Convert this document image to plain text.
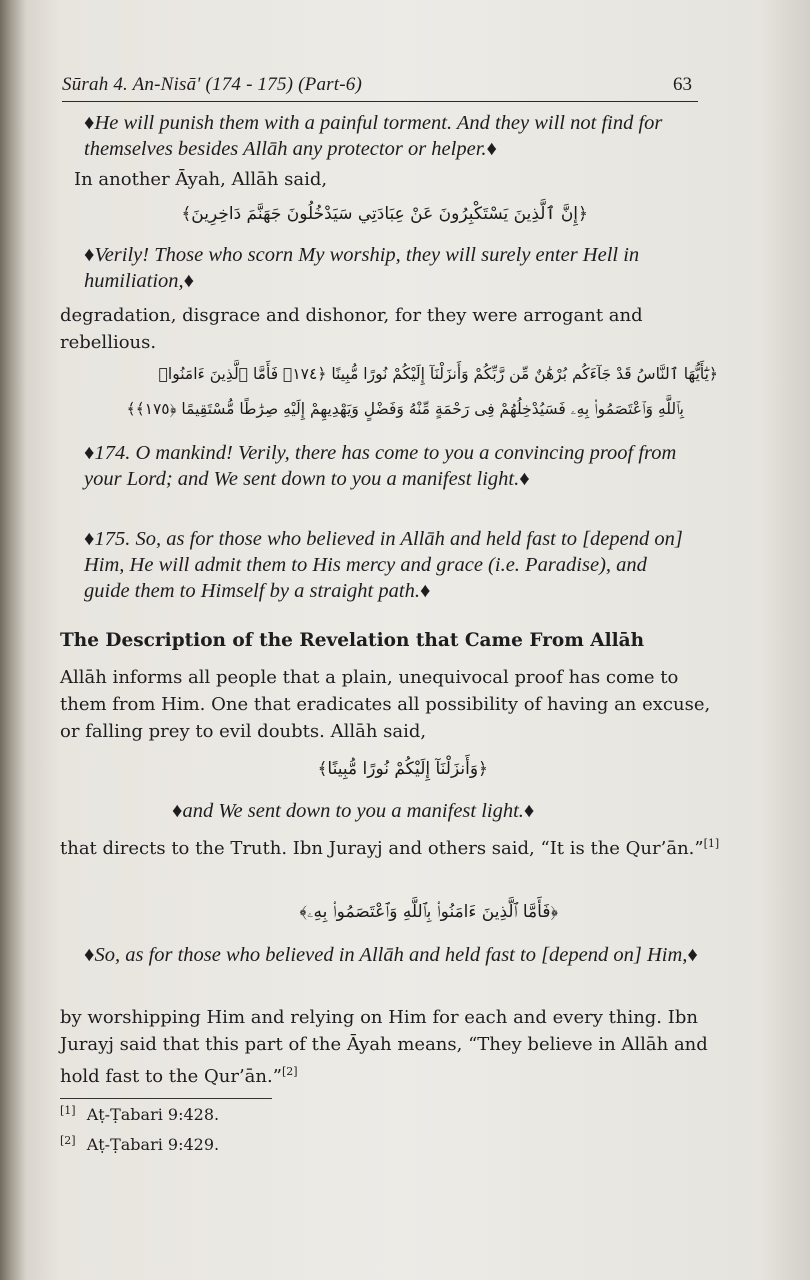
Sūrah 4. An-Nisā' (174 - 175) (Part-6)	63
♦He will punish them with a painful torment. And they will not find for themselves besides Allāh any protector or helper.♦
In another Āyah, Allāh said,
﴿إِنَّ ٱلَّذِينَ يَسْتَكْبِرُونَ عَنْ عِبَادَتِي سَيَدْخُلُونَ جَهَنَّمَ دَاخِرِينَ﴾
♦Verily! Those who scorn My worship, they will surely enter Hell in humiliation,♦
degradation, disgrace and dishonor, for they were arrogant and rebellious.
﴿يَٰٓأَيُّهَا ٱلنَّاسُ قَدْ جَآءَكُم بُرْهَٰنٌ مِّن رَّبِّكُمْ وَأَنزَلْنَآ إِلَيْكُمْ نُورًا مُّبِينًا ﴿١٧٤﴾ فَأَمَّا ٱلَّذِينَ ءَامَنُوا۟
بِٱللَّهِ وَٱعْتَصَمُوا۟ بِهِۦ فَسَيُدْخِلُهُمْ فِى رَحْمَةٍ مِّنْهُ وَفَضْلٍ وَيَهْدِيهِمْ إِلَيْهِ صِرَٰطًا مُّسْتَقِيمًا ﴿١٧٥﴾﴾
♦174. O mankind! Verily, there has come to you a convincing proof from your Lord; and We sent down to you a manifest light.♦
♦175. So, as for those who believed in Allāh and held fast to [depend on] Him, He will admit them to His mercy and grace (i.e. Paradise), and guide them to Himself by a straight path.♦
The Description of the Revelation that Came From Allāh
Allāh informs all people that a plain, unequivocal proof has come to them from Him. One that eradicates all possibility of having an excuse, or falling prey to evil doubts. Allāh said,
﴿وَأَنزَلْنَآ إِلَيْكُمْ نُورًا مُّبِينًا﴾
♦and We sent down to you a manifest light.♦
that directs to the Truth. Ibn Jurayj and others said, “It is the Qur’ān.”[1]
﴿فَأَمَّا ٱلَّذِينَ ءَامَنُوا۟ بِٱللَّهِ وَٱعْتَصَمُوا۟ بِهِۦ﴾
♦So, as for those who believed in Allāh and held fast to [depend on] Him,♦
by worshipping Him and relying on Him for each and every thing. Ibn Jurayj said that this part of the Āyah means, “They believe in Allāh and hold fast to the Qur’ān.”[2]
[1] Aṭ-Ṭabari 9:428.
[2] Aṭ-Ṭabari 9:429.
